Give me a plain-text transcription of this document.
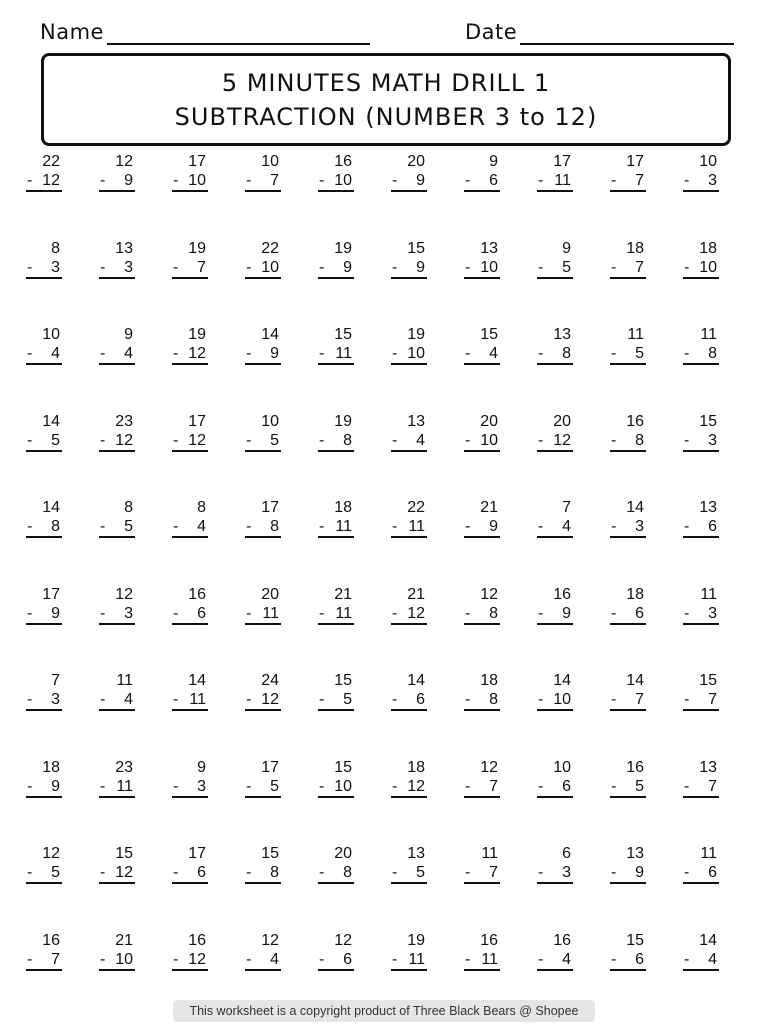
Name	Date
5 MINUTES MATH DRILL 1
SUBTRACTION (NUMBER 3 to 12)
22
- 12
12
- 9
17
- 10
10
- 7
16
- 10
20
- 9
9
- 6
17
- 11
17
- 7
10
- 3
8
- 3
13
- 3
19
- 7
22
- 10
19
- 9
15
- 9
13
- 10
9
- 5
18
- 7
18
- 10
10
- 4
9
- 4
19
- 12
14
- 9
15
- 11
19
- 10
15
- 4
13
- 8
11
- 5
11
- 8
14
- 5
23
- 12
17
- 12
10
- 5
19
- 8
13
- 4
20
- 10
20
- 12
16
- 8
15
- 3
14
- 8
8
- 5
8
- 4
17
- 8
18
- 11
22
- 11
21
- 9
7
- 4
14
- 3
13
- 6
17
- 9
12
- 3
16
- 6
20
- 11
21
- 11
21
- 12
12
- 8
16
- 9
18
- 6
11
- 3
7
- 3
11
- 4
14
- 11
24
- 12
15
- 5
14
- 6
18
- 8
14
- 10
14
- 7
15
- 7
18
- 9
23
- 11
9
- 3
17
- 5
15
- 10
18
- 12
12
- 7
10
- 6
16
- 5
13
- 7
12
- 5
15
- 12
17
- 6
15
- 8
20
- 8
13
- 5
11
- 7
6
- 3
13
- 9
11
- 6
16
- 7
21
- 10
16
- 12
12
- 4
12
- 6
19
- 11
16
- 11
16
- 4
15
- 6
14
- 4
This worksheet is a copyright product of Three Black Bears @ Shopee
